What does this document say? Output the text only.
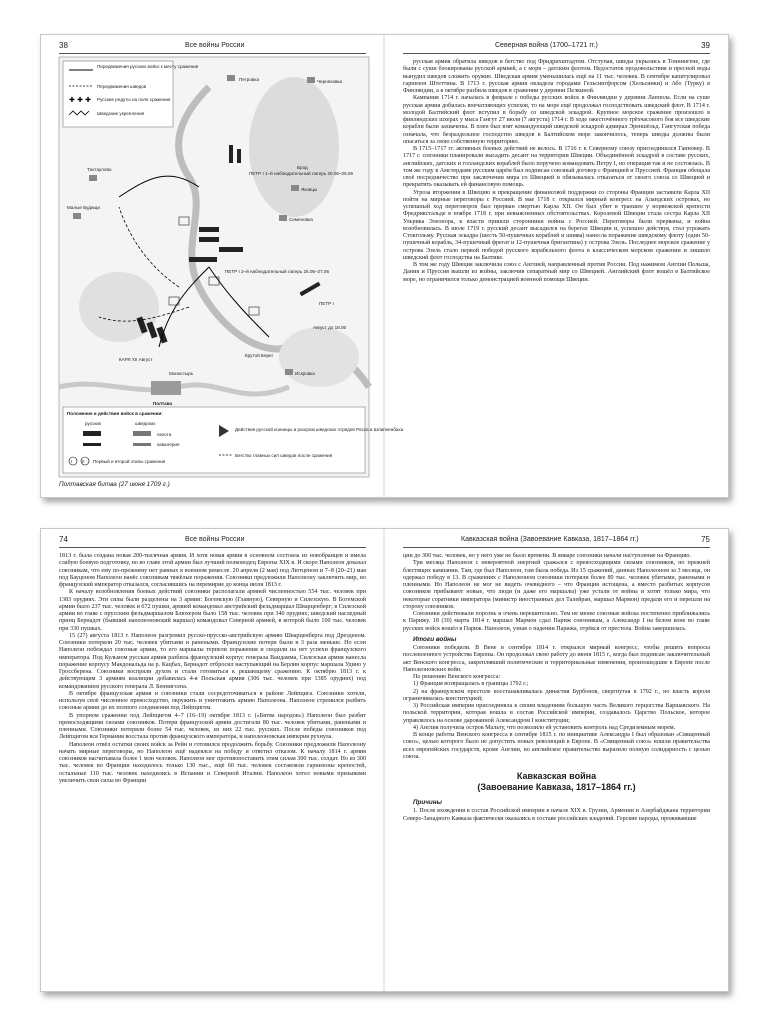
38	Все войны России
Передвижения русских войск к месту сражения
Передвижения шведов
✚ ✚ ✚ Русские редуты на поле сражения
Шведские укрепления
Петровка	Черняховка
Тахтаулово
Малые Будищи
Брод
Яковцы
Семеновка
Крутой Берег
Монастырь
Полтава
Искровка
ПЕТР I 1–й наблюдательный лагерь 20.06–25.06
ПЕТР I 2–й наблюдательный лагерь 25.06–27.06
ПЕТР I
Август до 18.06
КАРЛ XII Август
Положение и действия войск в сражении:
русских	шведских
пехота
кавалерия
I II Первый и второй этапы сражения
Действия русской конницы и разгром шведских отрядов Росса и Шлиппенбаха
Бегство главных сил шведов после сражения
Полтавская битва (27 июня 1709 г.)
Северная война (1700–1721 гг.)	39

русская армия обратила шведов в бегство под Фридрихштадтом. Отступая, шведы укрылись в Тоннингене, где были с суши блокированы русской армией, а с моря – датским флотом. Недостаток продовольствия и пресной воды вынудил шведов сложить оружие. Шведская армия уменьшилась ещё на 11 тыс. человек. В сентябре капитулировал гарнизон Штеттина. В 1713 г. русская армия овладела городами Гельсингфорсом (Хельсинки) и Або (Турку) в Финляндии, а в октябре разбила шведов в сражении у деревни Пелкиной.

Кампания 1714 г. началась в феврале с победы русских войск в Финляндии у деревни Лаппола. Если на суше русская армия добилась впечатляющих успехов, то на море ещё продолжал господствовать шведский флот. В 1714 г. молодой Балтийский флот вступил в борьбу со шведской эскадрой. Крупное морское сражение произошло в финляндских шхерах у мыса Гангут 27 июля (7 августа) 1714 г. В ходе ожесточённого трёхчасового боя все шведские корабли были захвачены. В плен был взят командующий шведской эскадрой адмирал Эреншёльд. Гангутская победа означала, что безраздельное господство шведов в Балтийском море закончилось, теперь шведы должны были опасаться за свою собственную территорию.

В 1715–1717 гг. активных боевых действий не велось. В 1716 г. к Северному союзу присоединился Ганновер. В 1717 г. союзники планировали высадить десант на территории Швеции. Объединённой эскадрой в составе русских, английских, датских и голландских кораблей было поручено командовать Петру I, но операция так и не состоялась. В том же году в Амстердаме русским царём был подписан союзный договор с Францией и Пруссией. Франция обещала своё посредничество при заключении мира со Швецией и обязывалась отказаться от своего союза со Швецией и прекратить оказывать ей финансовую помощь.

Угроза вторжения в Швецию и прекращение финансовой поддержки со стороны Франции заставили Карла XII пойти на мирные переговоры с Россией. В мае 1718 г. открылся мирный конгресс на Аландских островах, но успешный ход переговоров был прерван смертью Карла XII. Он был убит в траншее у норвежской крепости Фредрикстальде в ноябре 1718 г. при невыясненных обстоятельствах. Королевой Швеции стала сестра Карла XII Ульрика Элеонора, к власти пришли сторонники войны с Россией. Переговоры были прерваны, и война возобновилась. В июле 1719 г. русский десант высадился на берегах Швеции и, успешно действуя, стал угрожать Стокгольму. Русская эскадра (шесть 50-пушечных кораблей и шнява) нанесла поражение шведскому флоту (один 50-пушечный корабль, 34-пушечный фрегат и 12-пушечная бригантина) у острова Эзель. Последнее морское сражение у острова Эзель стало первой победой русского корабельного флота в классическом морском сражении и лишило шведский флот господства на Балтике.

В том же году Швеция заключила союз с Англией, направленный против России. Под нажимом Англии Польша, Дания и Пруссия вышли из войны, заключив сепаратный мир со Швецией. Английский флот вошёл в Балтийское море, но ограничился только демонстрацией военной помощи Швеции.

74	Все войны России

1813 г. была создана новая 200-тысячная армия. И хотя новая армия в основном состояла из новобранцев и имела слабую боевую подготовку, но во главе этой армии был лучший полководец Европы XIX в. И скоро Наполеон доказал союзникам, что ему по-прежнему нет равных в военном ремесле. 20 апреля (2 мая) под Лютценом и 7–8 (20–21) мая под Бауценом Наполеон нанёс союзникам тяжёлые поражения. Союзники предложили Наполеону заключить мир, но французский император отказался, согласившись на перемирие до конца июля 1813 г.

К началу возобновления боевых действий союзники располагали армией численностью 554 тыс. человек при 1383 орудиях. Эти силы были разделены на 3 армии: Богемскую (Главную), Северную и Силезскую. В Богемской армии было 237 тыс. человек и 672 пушки, армией командовал австрийский фельдмаршал Шварценберг; в Силезской армии во главе с прусским фельдмаршалом Блюхером было 158 тыс. человек при 340 орудиях; шведский наследный принц Бернадот (бывший наполеоновский маршал) командовал Северной армией, в которой было 100 тыс. человек при 330 пушках.

15 (27) августа 1813 г. Наполеон разгромил русско-прусско-австрийскую армию Шварценберга под Дрезденом. Союзники потеряли 20 тыс. человек убитыми и ранеными. Французские потери были в 3 раза меньше. Но если Наполеон побеждал союзные армии, то его маршалы терпели поражения и сводили на нет успехи французского императора. Под Кульмом русская армия разбила французский корпус генерала Вандамма, Силезская армия нанесла поражение корпусу Макдональда на р. Кацбах, Бернадот отбросил наступающий на Берлин корпус маршала Удино у Гроссберена. Союзники воспряли духом и стали готовиться к решающему сражению. К октябрю 1813 г. к действующим 3 армиям коалиции добавилась 4-я Польская армия (306 тыс. человек при 1385 орудиях) под командованием русского генерала Л. Беннигсена.

В октябре французская армия и союзники стали сосредоточиваться в районе Лейпцига. Союзники хотели, используя своё численное превосходство, окружить и уничтожить армию Наполеона. Наполеон стремился разбить союзные армии до их полного соединения под Лейпцигом.

В упорном сражении под Лейпцигом 4–7 (16–19) октября 1813 г. («Битва народов») Наполеон был разбит превосходящими силами союзников. Потери французской армии достигали 80 тыс. человек убитыми, ранеными и пленными. Союзники потеряли более 54 тыс. человек, из них 22 тыс. русских. После победы союзников под Лейпцигом вся Германия восстала против французского императора, и наполеоновская империя рухнула.

Наполеон отвёл остатки своих войск за Рейн и готовился продолжить борьбу. Союзники предложили Наполеону начать мирные переговоры, но Наполеон ещё надеялся на победу и ответил отказом. К началу 1814 г. армия союзников насчитывала более 1 млн человек. Наполеон мог противопоставить этим силам 300 тыс. солдат. Но из 300 тыс. человек во Франции находилось только 130 тыс., ещё 60 тыс. человек составляли гарнизоны крепостей, остальные 110 тыс. человек находились в Испании и Северной Италии. Наполеон хотел новыми призывами увеличить свои силы во Франции

Кавказская война (Завоевание Кавказа, 1817–1864 гг.)	75

ции до 300 тыс. человек, но у него уже не было времени. В январе союзники начали наступление на Францию.

Три месяца Наполеон с невероятной энергией сражался с превосходящими силами союзников, но прежней блестящих кампании. Там, где был Наполеон, там была победа. Из 15 сражений, данных Наполеоном за 3 месяца, он одержал победу в 13. В сражениях с Наполеоном союзники потеряли более 80 тыс. человек убитыми, ранеными и пленными. Но Наполеон не мог не видеть очевидного – что Франция истощена, а вместо разбитых корпусов союзников прибывают новые, что люди (и даже его маршалы) уже устали от войны и хотят только мира, что некоторые соратники императора (министр иностранных дел Талейран, маршал Мармон) предали его и перешли на сторону союзников.

Союзники действовали порознь и очень нерешительно. Тем не менее союзные войска постепенно приближались к Парижу. 18 (30) марта 1814 г. маршал Мармон сдал Париж союзникам, а Александр I на белом коне во главе русских войск вошёл в Париж. Наполеон, узнав о падении Парижа, отрёкся от престола. Война завершилась.

Итоги войны

Союзники победили. В Вене в сентябре 1814 г. открылся мирный конгресс, чтобы решить вопросы послевоенного устройства Европы. Он продолжал свою работу до июня 1815 г., когда был подписан заключительный акт Венского конгресса, закреплявший политические и территориальные изменения, произошедшие в Европе после Наполеоновских войн.

По решению Венского конгресса:

1) Франция возвращалась в границы 1792 г.;

2) на французском престоле восстанавливалась династия Бурбонов, свергнутая в 1792 г., но власть короля ограничивалась конституцией;

3) Российская империя присоединяла к своим владениям большую часть Великого герцогства Варшавского. На польской территории, которая вошла в состав Российской империи, создавалось Царство Польское, которое управлялось на основе дарованной Александром I конституции;

4) Англия получила остров Мальту, что позволило ей установить контроль над Средиземным морем.

В конце работы Венского конгресса в сентябре 1815 г. по инициативе Александра I был образован «Священный союз», целью которого было не допустить новых революций в Европе. В «Священный союз» вошли правительства всех европейских государств, кроме Англии, но английское правительство выразило полную солидарность с целью союза.

Кавказская война
(Завоевание Кавказа, 1817–1864 гг.)

Причины

1. После вхождения в состав Российской империи в начале XIX в. Грузии, Армении и Азербайджана территории Северо-Западного Кавказа фактически оказались в составе российских владений. Горские народы, проживавшие
